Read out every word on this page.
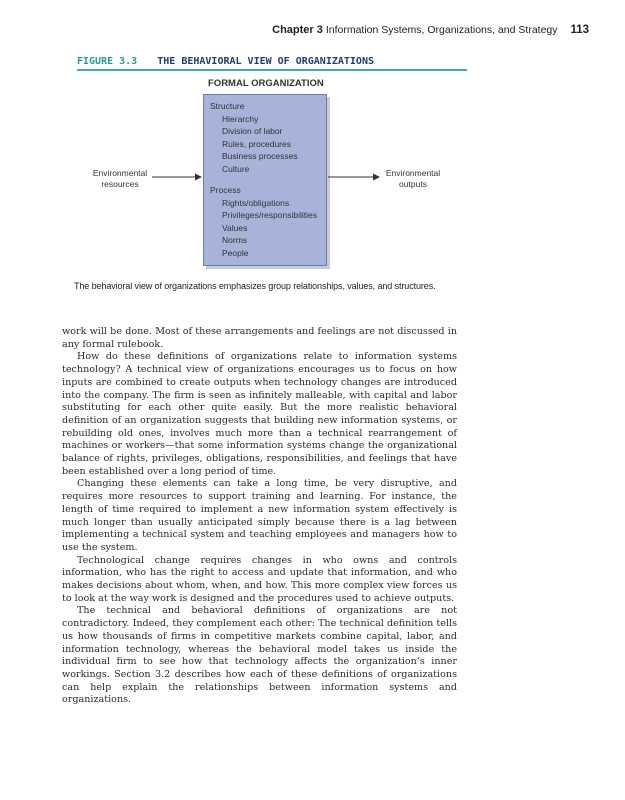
Chapter 3 Information Systems, Organizations, and Strategy 113
FIGURE 3.3 THE BEHAVIORAL VIEW OF ORGANIZATIONS
FORMAL ORGANIZATION
Structure
Hierarchy
Division of labor
Rules, procedures
Business processes
Culture
Process
Rights/obligations
Privileges/responsibilities
Values
Norms
People
Environmental
resources
Environmental
outputs
The behavioral view of organizations emphasizes group relationships, values, and structures.

work will be done. Most of these arrangements and feelings are not discussed in any formal rulebook.

How do these definitions of organizations relate to information systems technology? A technical view of organizations encourages us to focus on how inputs are combined to create outputs when technology changes are introduced into the company. The firm is seen as infinitely malleable, with capital and labor substituting for each other quite easily. But the more realistic behavioral definition of an organization suggests that building new information systems, or rebuilding old ones, involves much more than a technical rearrangement of machines or workers—that some information systems change the organizational balance of rights, privileges, obligations, responsibilities, and feelings that have been established over a long period of time.

Changing these elements can take a long time, be very disruptive, and requires more resources to support training and learning. For instance, the length of time required to implement a new information system effectively is much longer than usually anticipated simply because there is a lag between implementing a technical system and teaching employees and managers how to use the system.

Technological change requires changes in who owns and controls information, who has the right to access and update that information, and who makes decisions about whom, when, and how. This more complex view forces us to look at the way work is designed and the procedures used to achieve outputs.

The technical and behavioral definitions of organizations are not contradictory. Indeed, they complement each other: The technical definition tells us how thousands of firms in competitive markets combine capital, labor, and information technology, whereas the behavioral model takes us inside the individual firm to see how that technology affects the organization’s inner workings. Section 3.2 describes how each of these definitions of organizations can help explain the relationships between information systems and organizations.
